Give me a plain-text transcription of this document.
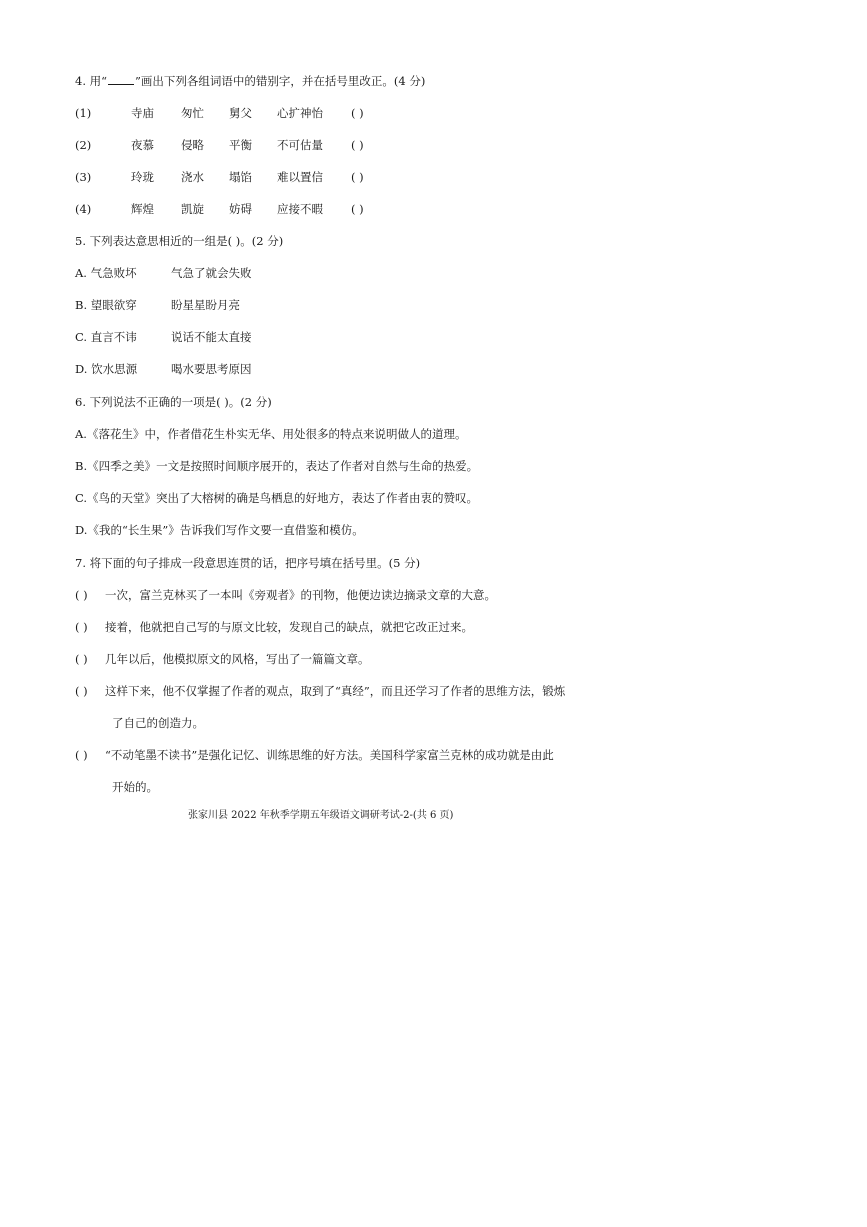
4. 用“ ”画出下列各组词语中的错别字，并在括号里改正。(4 分)
(1)	寺庙 匆忙 舅父 心扩神怡 ( )
(2)	夜慕 侵略 平衡 不可估量 ( )
(3)	玲珑 浇水 塌馅 难以置信 ( )
(4)	辉煌 凯旋 妨碍 应接不暇 ( )
5. 下列表达意思相近的一组是( )。(2 分)
A. 气急败坏	气急了就会失败
B. 望眼欲穿	盼星星盼月亮
C. 直言不讳	说话不能太直接
D. 饮水思源	喝水要思考原因
6. 下列说法不正确的一项是( )。(2 分)
A.《落花生》中，作者借花生朴实无华、用处很多的特点来说明做人的道理。
B.《四季之美》一文是按照时间顺序展开的，表达了作者对自然与生命的热爱。
C.《鸟的天堂》突出了大榕树的确是鸟栖息的好地方，表达了作者由衷的赞叹。
D.《我的“长生果”》告诉我们写作文要一直借鉴和模仿。
7. 将下面的句子排成一段意思连贯的话，把序号填在括号里。(5 分)
( ) 一次，富兰克林买了一本叫《旁观者》的刊物，他便边读边摘录文章的大意。
( ) 接着，他就把自己写的与原文比较，发现自己的缺点，就把它改正过来。
( ) 几年以后，他模拟原文的风格，写出了一篇篇文章。
( ) 这样下来，他不仅掌握了作者的观点，取到了“真经”，而且还学习了作者的思维方法，锻炼
了自己的创造力。
( ) “不动笔墨不读书”是强化记忆、训练思维的好方法。美国科学家富兰克林的成功就是由此
开始的。
张家川县 2022 年秋季学期五年级语文调研考试-2-(共 6 页)
